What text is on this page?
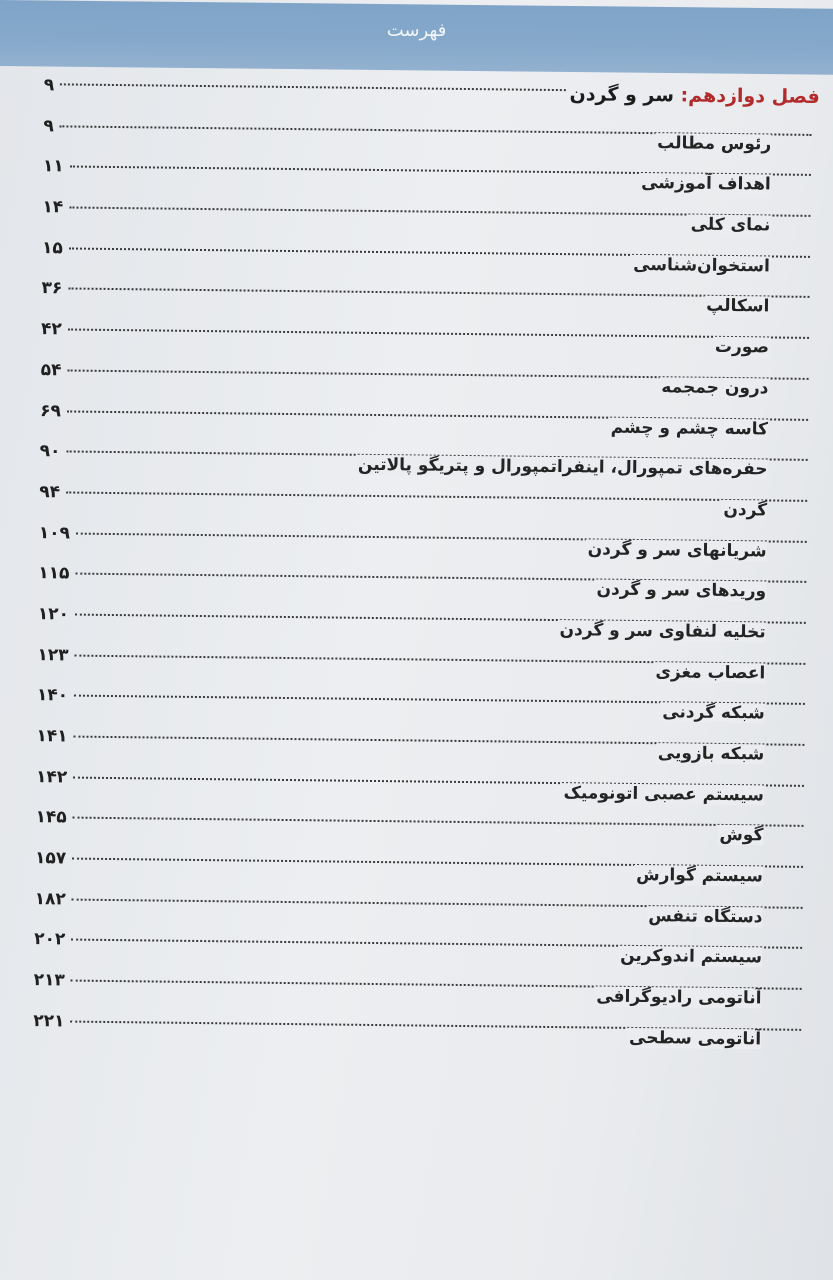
فهرست
فصل دوازدهم: سر و گردن
۹
رئوس مطالب
۹
اهداف آموزشی
۱۱
نمای کلی
۱۴
استخوان‌شناسی
۱۵
اسکالپ
۳۶
صورت
۴۲
درون جمجمه
۵۴
کاسه چشم و چشم
۶۹
حفره‌های تمپورال، اینفراتمپورال و پتریگو پالاتین
۹۰
گردن
۹۴
شریانهای سر و گردن
۱۰۹
وریدهای سر و گردن
۱۱۵
تخلیه لنفاوی سر و گردن
۱۲۰
اعصاب مغزی
۱۲۳
شبکه گردنی
۱۴۰
شبکه بازویی
۱۴۱
سیستم عصبی اتونومیک
۱۴۲
گوش
۱۴۵
سیستم گوارش
۱۵۷
دستگاه تنفس
۱۸۲
سیستم اندوکرین
۲۰۲
آناتومی رادیوگرافی
۲۱۳
آناتومی سطحی
۲۲۱
